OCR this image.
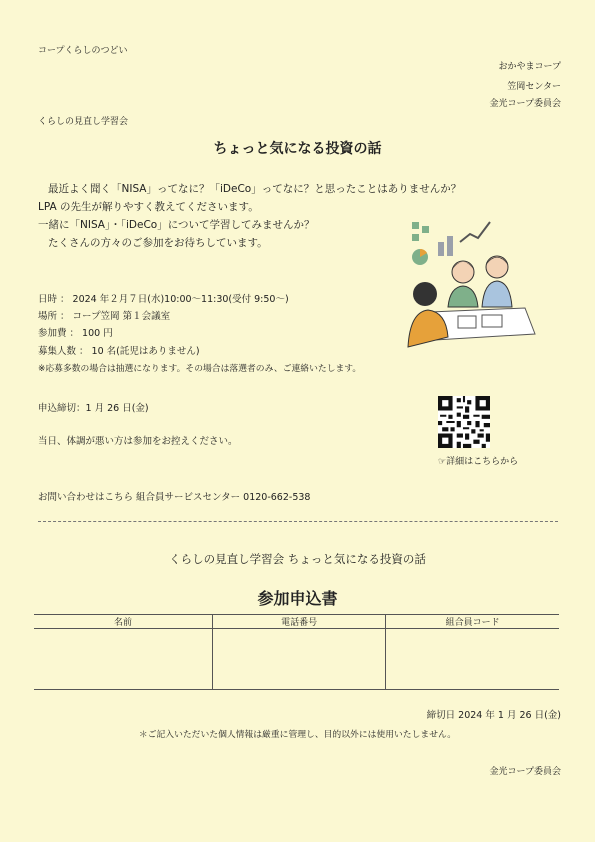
コープくらしのつどい
おかやまコープ
笠岡センター
金光コープ委員会
くらしの見直し学習会
ちょっと気になる投資の話
最近よく聞く「NISA」ってなに？「iDeCo」ってなに？と思ったことはありませんか？
LPA の先生が解りやすく教えてくださいます。
一緒に「NISA」・「iDeCo」について学習してみませんか？
たくさんの方々のご参加をお待ちしています。
日時 ： 2024 年２月７日(水)10:00～11:30(受付 9:50～)
場所 ： コープ笠岡 第１会議室
参加費 ： 100 円
募集人数 ： 10 名(託児はありません)
※応募多数の場合は抽選になります。その場合は落選者のみ、ご連絡いたします。
申込締切：1 月 26 日(金)
当日、体調が悪い方は参加をお控えください。
☞詳細はこちらから
お問い合わせはこちら 組合員サービスセンター 0120-662-538
くらしの見直し学習会 ちょっと気になる投資の話
参加申込書
名前	電話番号	組合員コード

締切日 2024 年 1 月 26 日(金)
＊ご記入いただいた個人情報は厳重に管理し、目的以外には使用いたしません。
金光コープ委員会
